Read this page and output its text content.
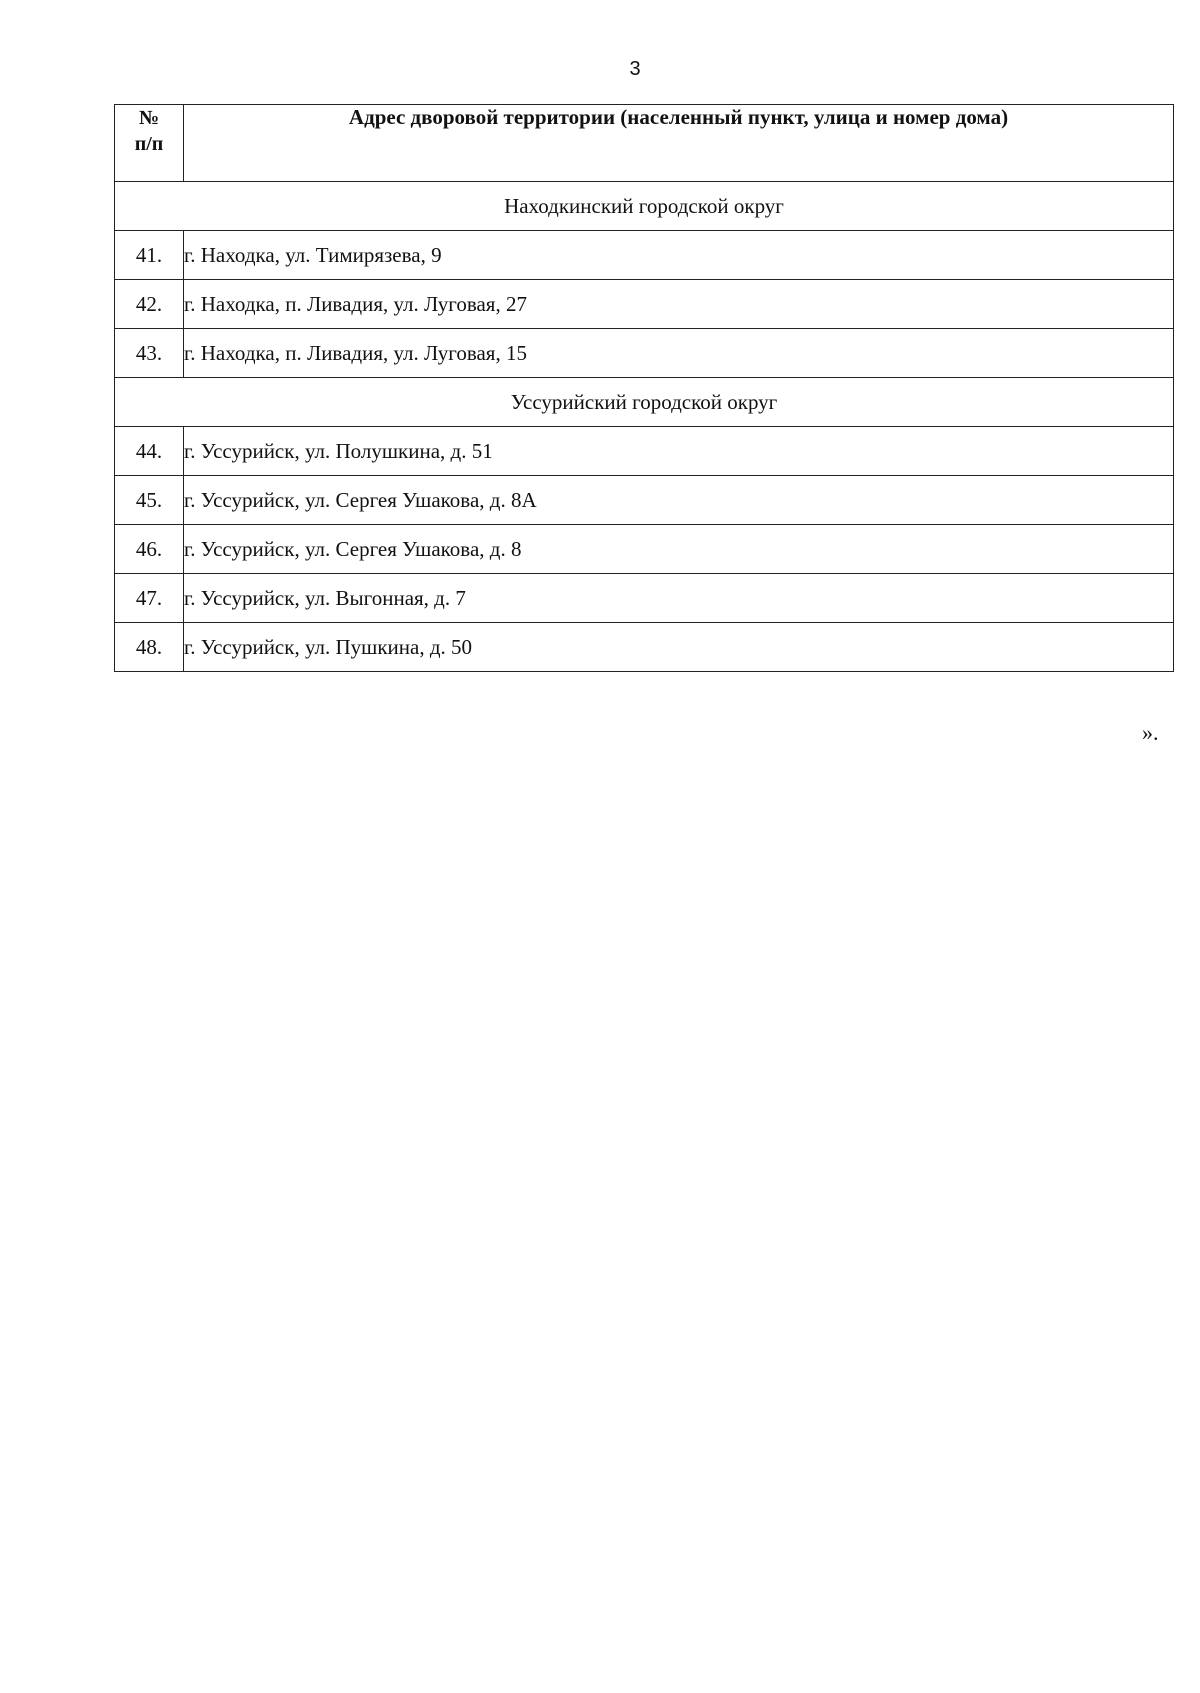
3
№
п/п	Адрес дворовой территории (населенный пункт, улица и номер дома)
Находкинский городской округ	
41.	г. Находка, ул. Тимирязева, 9
42.	г. Находка, п. Ливадия, ул. Луговая, 27
43.	г. Находка, п. Ливадия, ул. Луговая, 15
Уссурийский городской округ	
44.	г. Уссурийск, ул. Полушкина, д. 51
45.	г. Уссурийск, ул. Сергея Ушакова, д. 8А
46.	г. Уссурийск, ул. Сергея Ушакова, д. 8
47.	г. Уссурийск, ул. Выгонная, д. 7
48.	г. Уссурийск, ул. Пушкина, д. 50
».
